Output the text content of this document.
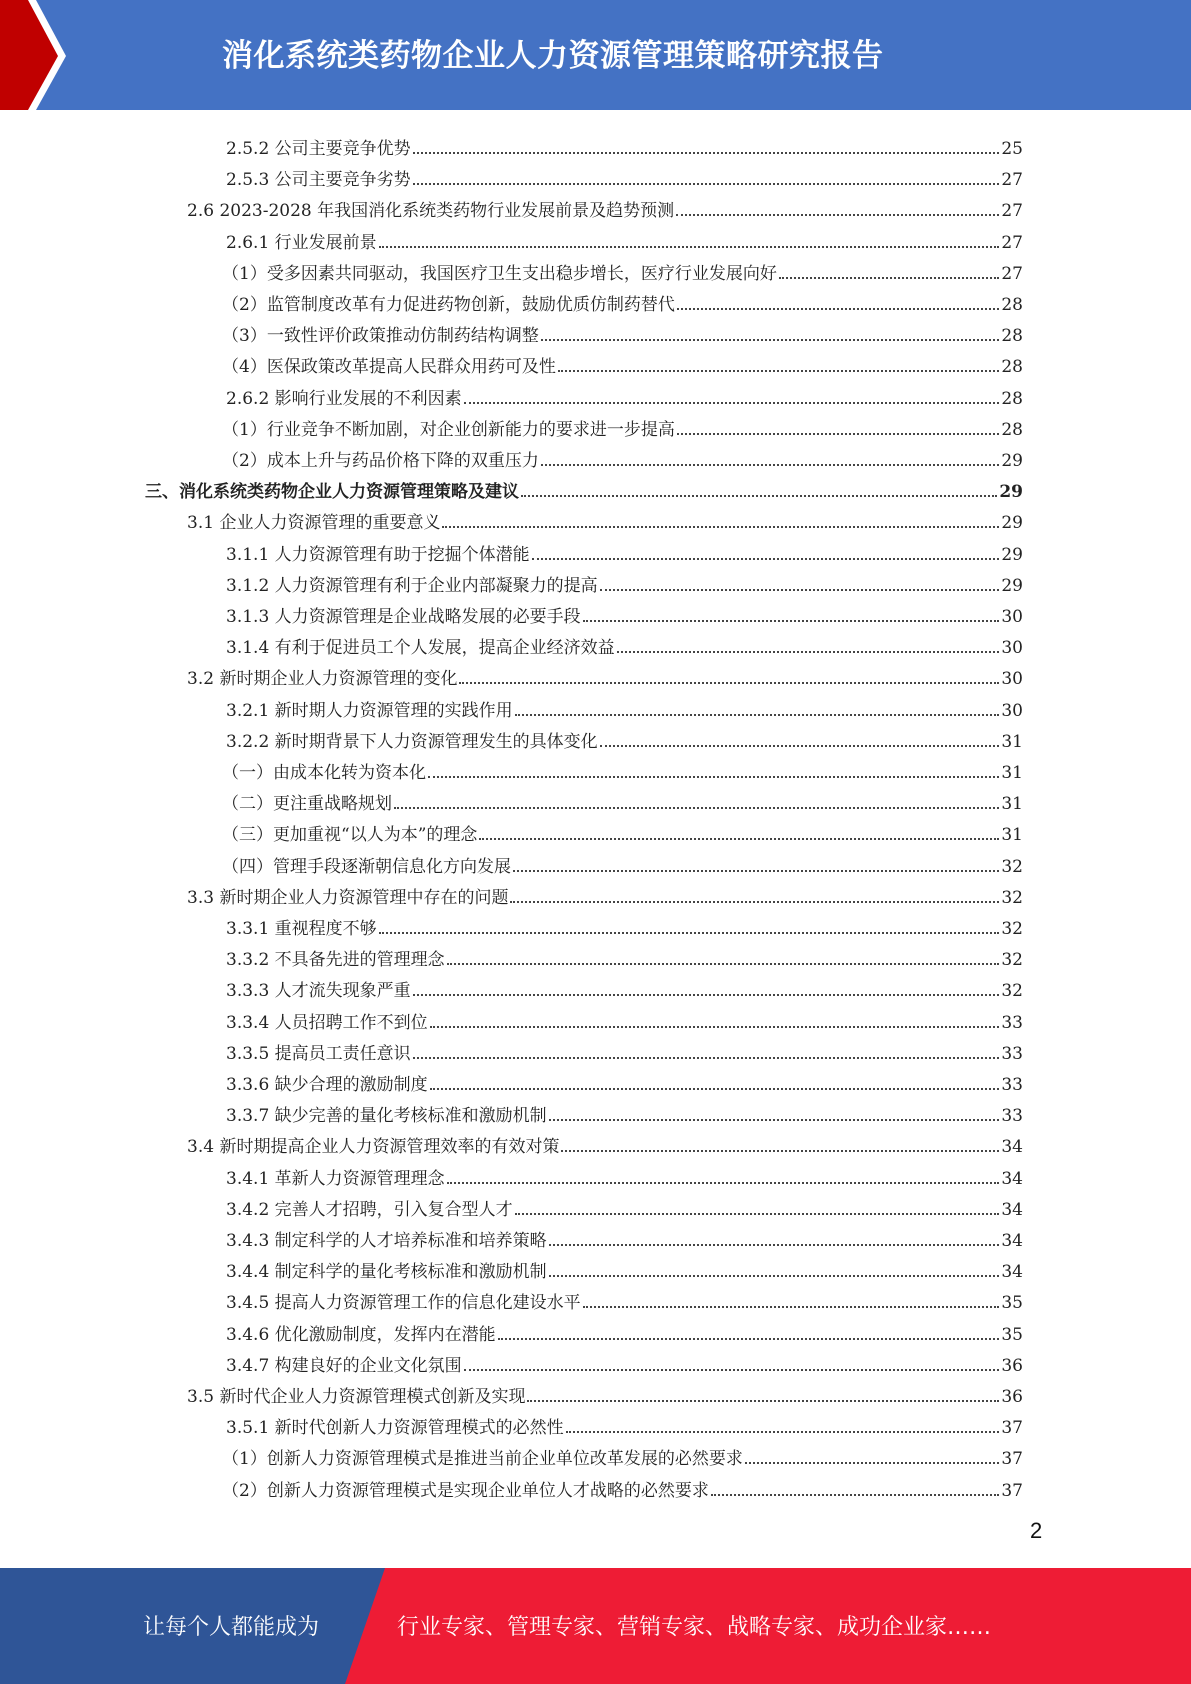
消化系统类药物企业人力资源管理策略研究报告
2.5.2 公司主要竞争优势	25
2.5.3 公司主要竞争劣势	27
2.6 2023-2028 年我国消化系统类药物行业发展前景及趋势预测	27
2.6.1 行业发展前景	27
（1）受多因素共同驱动，我国医疗卫生支出稳步增长，医疗行业发展向好	27
（2）监管制度改革有力促进药物创新，鼓励优质仿制药替代	28
（3）一致性评价政策推动仿制药结构调整	28
（4）医保政策改革提高人民群众用药可及性	28
2.6.2 影响行业发展的不利因素	28
（1）行业竞争不断加剧，对企业创新能力的要求进一步提高	28
（2）成本上升与药品价格下降的双重压力	29
三、消化系统类药物企业人力资源管理策略及建议	29
3.1 企业人力资源管理的重要意义	29
3.1.1 人力资源管理有助于挖掘个体潜能	29
3.1.2 人力资源管理有利于企业内部凝聚力的提高	29
3.1.3 人力资源管理是企业战略发展的必要手段	30
3.1.4 有利于促进员工个人发展，提高企业经济效益	30
3.2 新时期企业人力资源管理的变化	30
3.2.1 新时期人力资源管理的实践作用	30
3.2.2 新时期背景下人力资源管理发生的具体变化	31
（一）由成本化转为资本化	31
（二）更注重战略规划	31
（三）更加重视“以人为本”的理念	31
（四）管理手段逐渐朝信息化方向发展	32
3.3 新时期企业人力资源管理中存在的问题	32
3.3.1 重视程度不够	32
3.3.2 不具备先进的管理理念	32
3.3.3 人才流失现象严重	32
3.3.4 人员招聘工作不到位	33
3.3.5 提高员工责任意识	33
3.3.6 缺少合理的激励制度	33
3.3.7 缺少完善的量化考核标准和激励机制	33
3.4 新时期提高企业人力资源管理效率的有效对策	34
3.4.1 革新人力资源管理理念	34
3.4.2 完善人才招聘，引入复合型人才	34
3.4.3 制定科学的人才培养标准和培养策略	34
3.4.4 制定科学的量化考核标准和激励机制	34
3.4.5 提高人力资源管理工作的信息化建设水平	35
3.4.6 优化激励制度，发挥内在潜能	35
3.4.7 构建良好的企业文化氛围	36
3.5 新时代企业人力资源管理模式创新及实现	36
3.5.1 新时代创新人力资源管理模式的必然性	37
（1）创新人力资源管理模式是推进当前企业单位改革发展的必然要求	37
（2）创新人力资源管理模式是实现企业单位人才战略的必然要求	37
2
让每个人都能成为	行业专家、管理专家、营销专家、战略专家、成功企业家……
